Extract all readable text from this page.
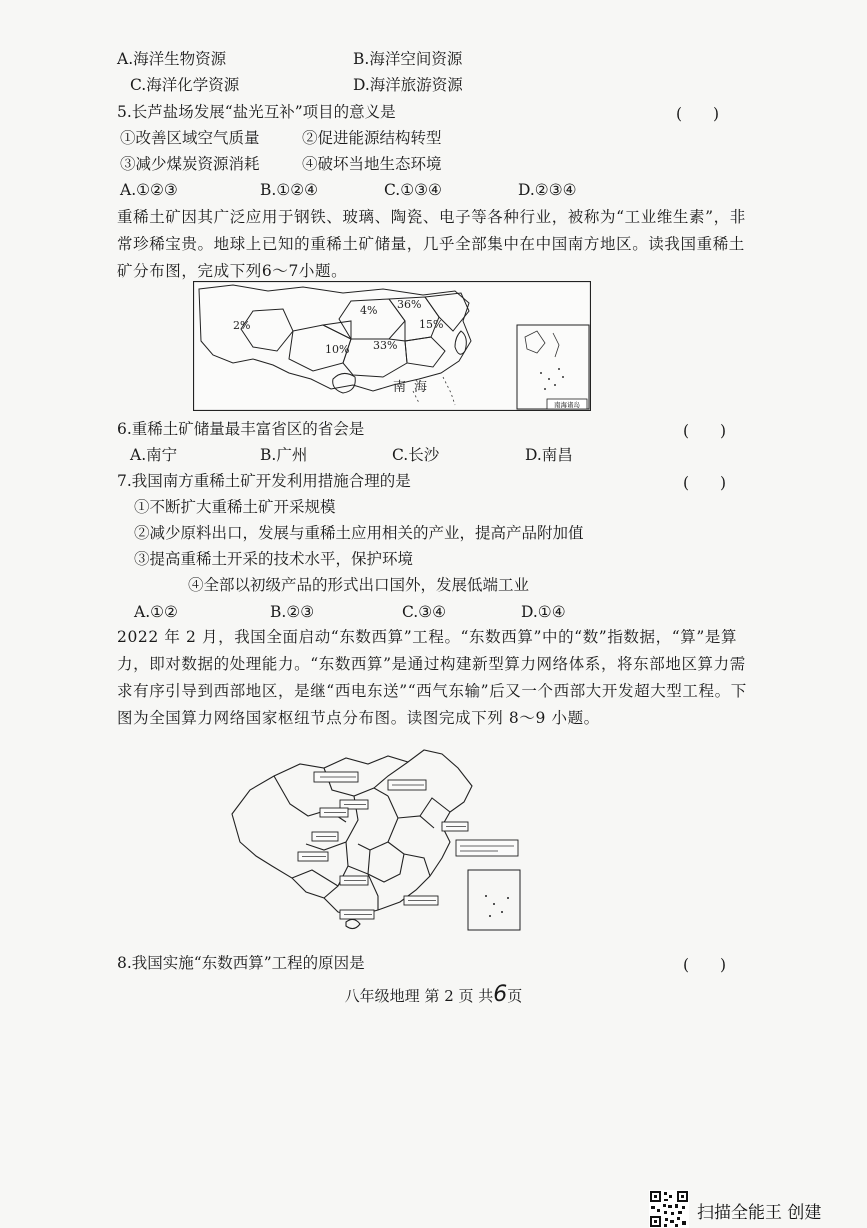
A.海洋生物资源	B.海洋空间资源
C.海洋化学资源	D.海洋旅游资源
5.长芦盐场发展“盐光互补”项目的意义是	(　　)
①改善区域空气质量	②促进能源结构转型
③减少煤炭资源消耗	④破坏当地生态环境
A.①②③	B.①②④	C.①③④	D.②③④
重稀土矿因其广泛应用于钢铁、玻璃、陶瓷、电子等各种行业，被称为“工业维生素”，非常珍稀宝贵。地球上已知的重稀土矿储量，几乎全部集中在中国南方地区。读我国重稀土矿分布图，完成下列6～7小题。
南海诸岛
4% 36%
15%
2%
10% 33%
南海
6.重稀土矿储量最丰富省区的省会是	(　　)
A.南宁	B.广州	C.长沙	D.南昌
7.我国南方重稀土矿开发利用措施合理的是	(　　)
①不断扩大重稀土矿开采规模
②减少原料出口，发展与重稀土应用相关的产业，提高产品附加值
③提高重稀土开采的技术水平，保护环境
④全部以初级产品的形式出口国外，发展低端工业
A.①②	B.②③	C.③④	D.①④
2022 年 2 月，我国全面启动“东数西算”工程。“东数西算”中的“数”指数据，“算”是算力，即对数据的处理能力。“东数西算”是通过构建新型算力网络体系，将东部地区算力需求有序引导到西部地区，是继“西电东送”“西气东输”后又一个西部大开发超大型工程。下图为全国算力网络国家枢纽节点分布图。读图完成下列 8～9 小题。
8.我国实施“东数西算”工程的原因是	(　　)
八年级地理 第 2 页 共6页
扫描全能王 创建
